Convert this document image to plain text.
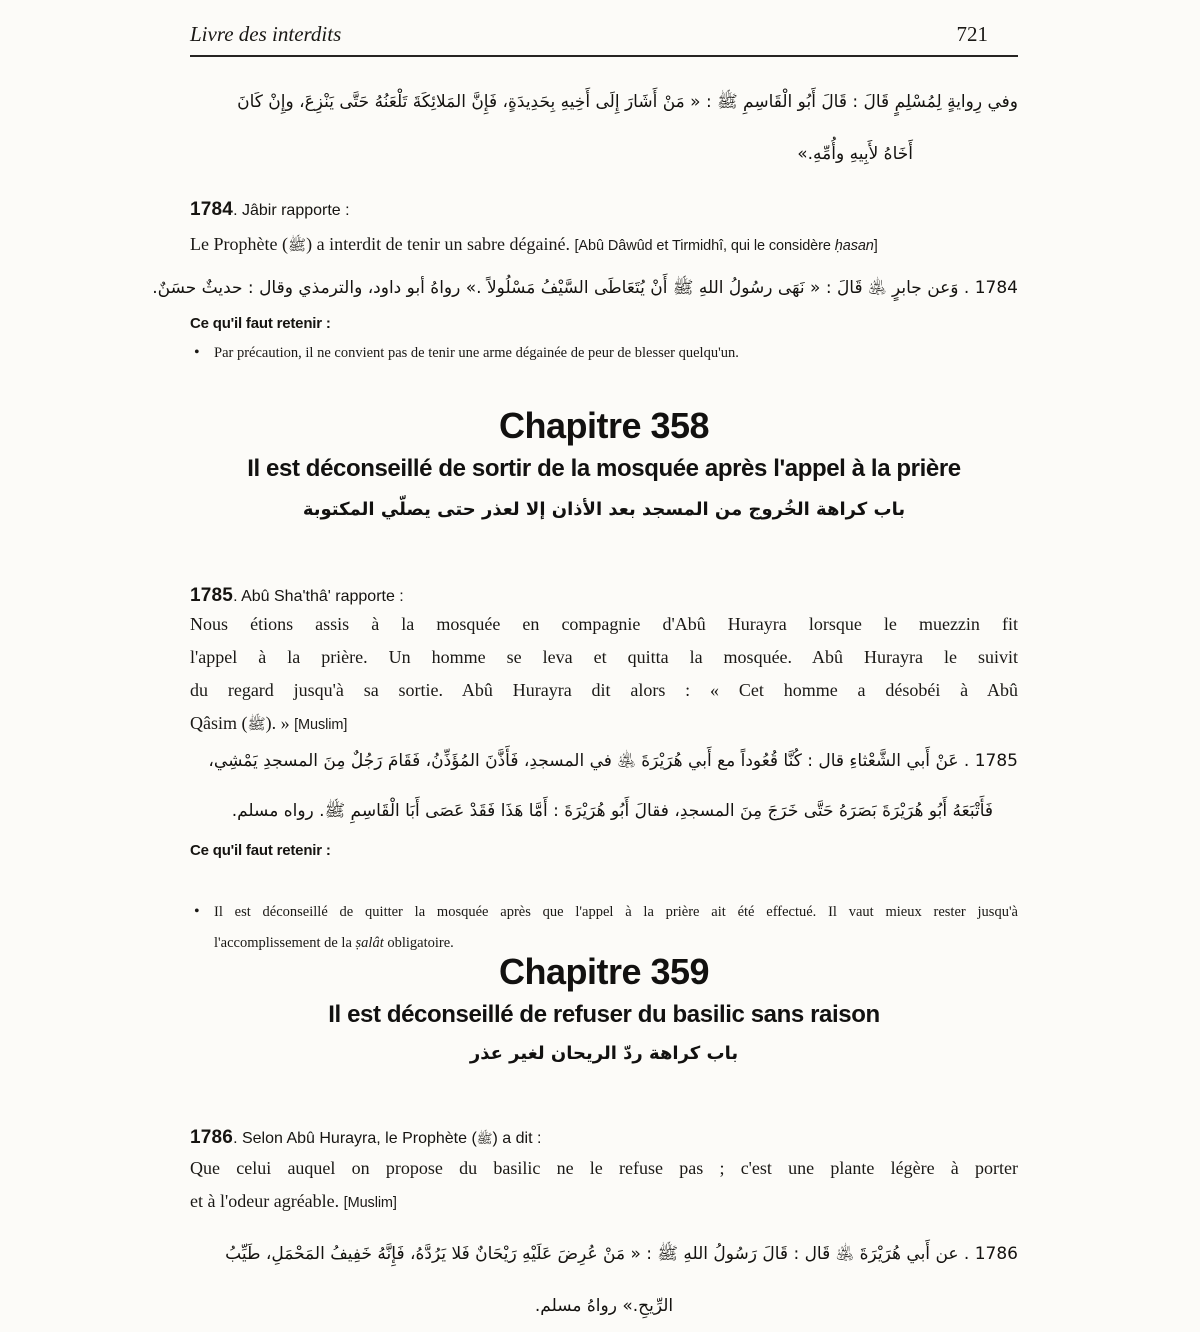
Livre des interdits	721
وفي رِوايةٍ لِمُسْلِمٍ قَالَ : قَالَ أَبُو الْقَاسِمِ ﷺ : « مَنْ أَشَارَ إِلَى أَخِيهِ بِحَدِيدَةٍ، فَإِنَّ المَلائِكَةَ تَلْعَنُهُ حَتَّى يَنْزِعَ، وإِنْ كَانَ
أَخَاهُ لأَبِيهِ وأُمِّهِ.»
1784. Jâbir rapporte :
Le Prophète (ﷺ) a interdit de tenir un sabre dégainé. [Abû Dâwûd et Tirmidhî, qui le considère ḥasan]
1784 . وَعن جابرٍ ﵁ قَالَ : « نَهَى رسُولُ اللهِ ﷺ أَنْ يُتَعَاطَى السَّيْفُ مَسْلُولاً .» رواهُ أبو داود، والترمذي وقال : حديثٌ حسَنٌ.
Ce qu'il faut retenir :
• Par précaution, il ne convient pas de tenir une arme dégainée de peur de blesser quelqu'un.
Chapitre 358
Il est déconseillé de sortir de la mosquée après l'appel à la prière
باب كراهة الخُروج من المسجد بعد الأذان إلا لعذر حتى يصلّي المكتوبة
1785. Abû Sha'thâ' rapporte :
Nous étions assis à la mosquée en compagnie d'Abû Hurayra lorsque le muezzin fit
l'appel à la prière. Un homme se leva et quitta la mosquée. Abû Hurayra le suivit
du regard jusqu'à sa sortie. Abû Hurayra dit alors : « Cet homme a désobéi à Abû
Qâsim (ﷺ). » [Muslim]
1785 . عَنْ أَبي الشَّعْثاءِ قال : كُنَّا قُعُوداً مع أَبي هُرَيْرَةَ ﵁ في المسجدِ، فَأَذَّنَ المُؤَذِّنُ، فَقَامَ رَجُلٌ مِنَ المسجدِ يَمْشِي،
فَأَتْبَعَهُ أَبُو هُرَيْرَةَ بَصَرَهُ حَتَّى خَرَجَ مِنَ المسجدِ، فقالَ أَبُو هُرَيْرَةَ : أَمَّا هَذَا فَقَدْ عَصَى أَبَا الْقَاسِمِ ﷺ. رواه مسلم.
Ce qu'il faut retenir :
• Il est déconseillé de quitter la mosquée après que l'appel à la prière ait été effectué. Il vaut mieux rester jusqu'à
l'accomplissement de la ṣalât obligatoire.
Chapitre 359
Il est déconseillé de refuser du basilic sans raison
باب كراهة ردّ الريحان لغير عذر
1786. Selon Abû Hurayra, le Prophète (ﷺ) a dit :
Que celui auquel on propose du basilic ne le refuse pas ; c'est une plante légère à porter
et à l'odeur agréable. [Muslim]
1786 . عن أَبي هُرَيْرَةَ ﵁ قَال : قَالَ رَسُولُ اللهِ ﷺ : « مَنْ عُرِضَ عَلَيْهِ رَيْحَانٌ فَلا يَرُدَّهُ، فَإِنَّهُ خَفِيفُ المَحْمَلِ، طَيِّبُ
الرِّيحِ.» رواهُ مسلم.
